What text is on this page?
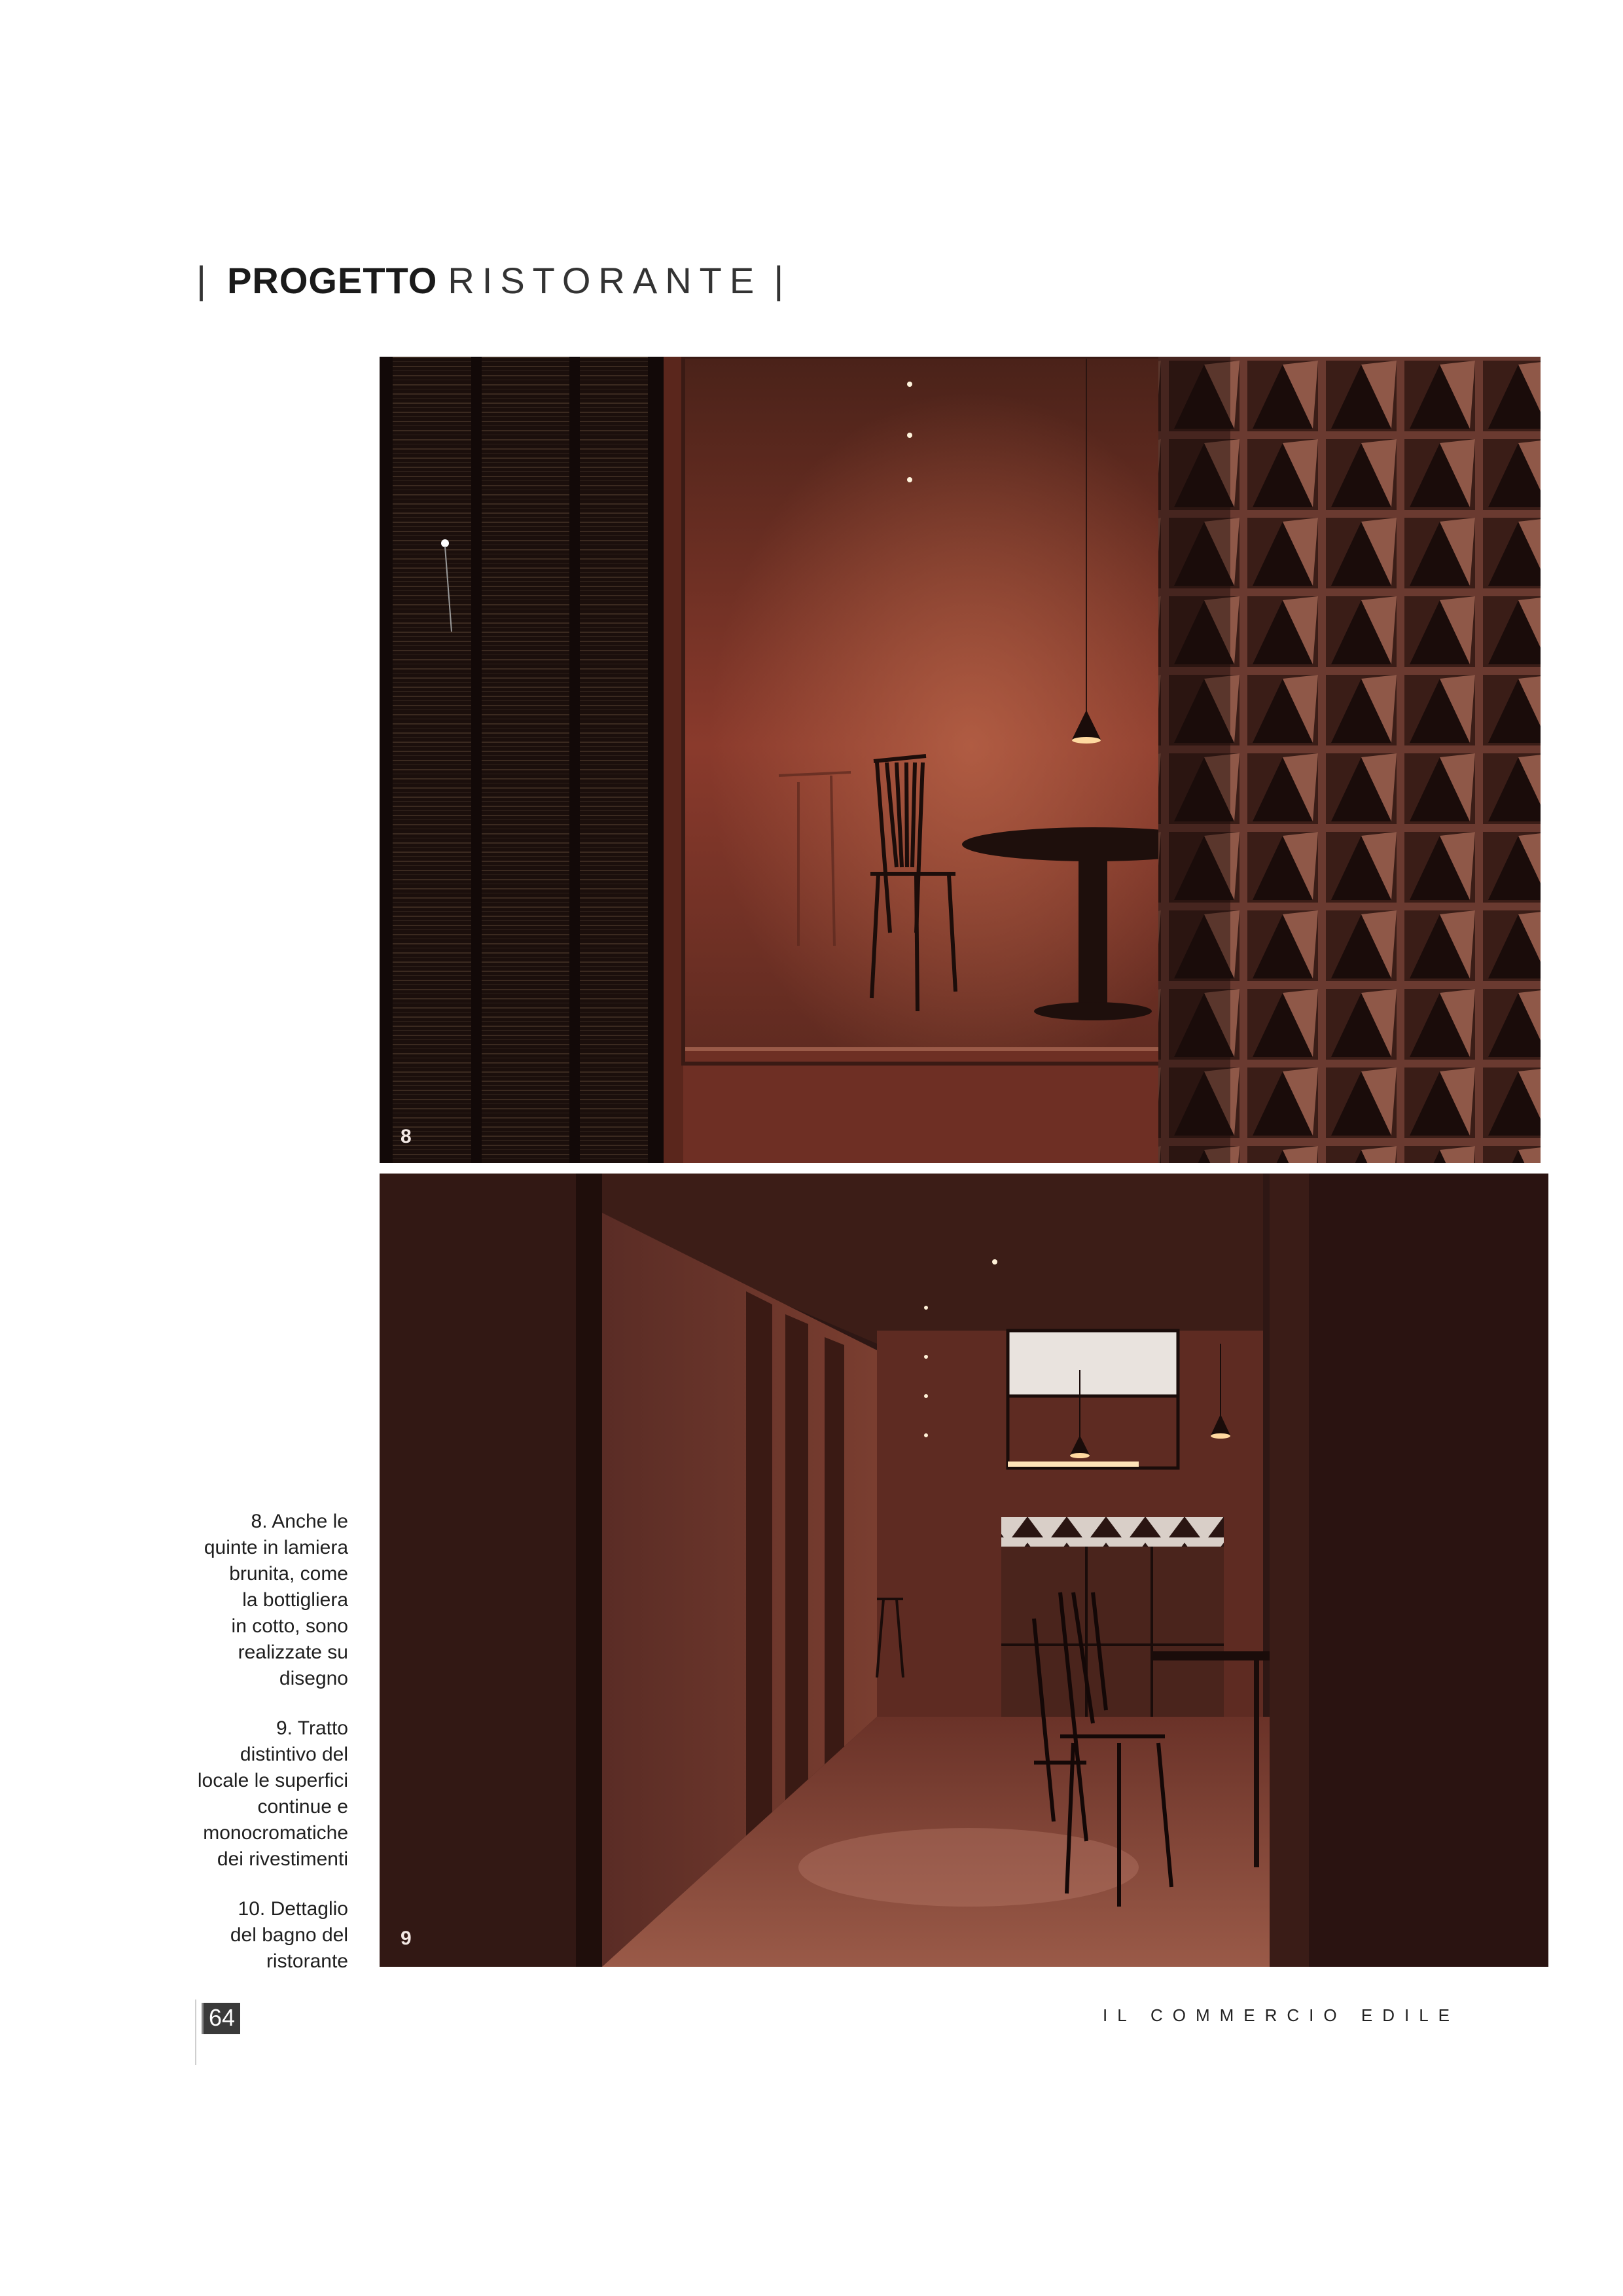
| PROGETTO RISTORANTE |
8
9
8. Anche le
quinte in lamiera
brunita, come
la bottigliera
in cotto, sono
realizzate su
disegno
9. Tratto
distintivo del
locale le superfici
continue e
monocromatiche
dei rivestimenti
10. Dettaglio
del bagno del
ristorante
64	IL COMMERCIO EDILE
